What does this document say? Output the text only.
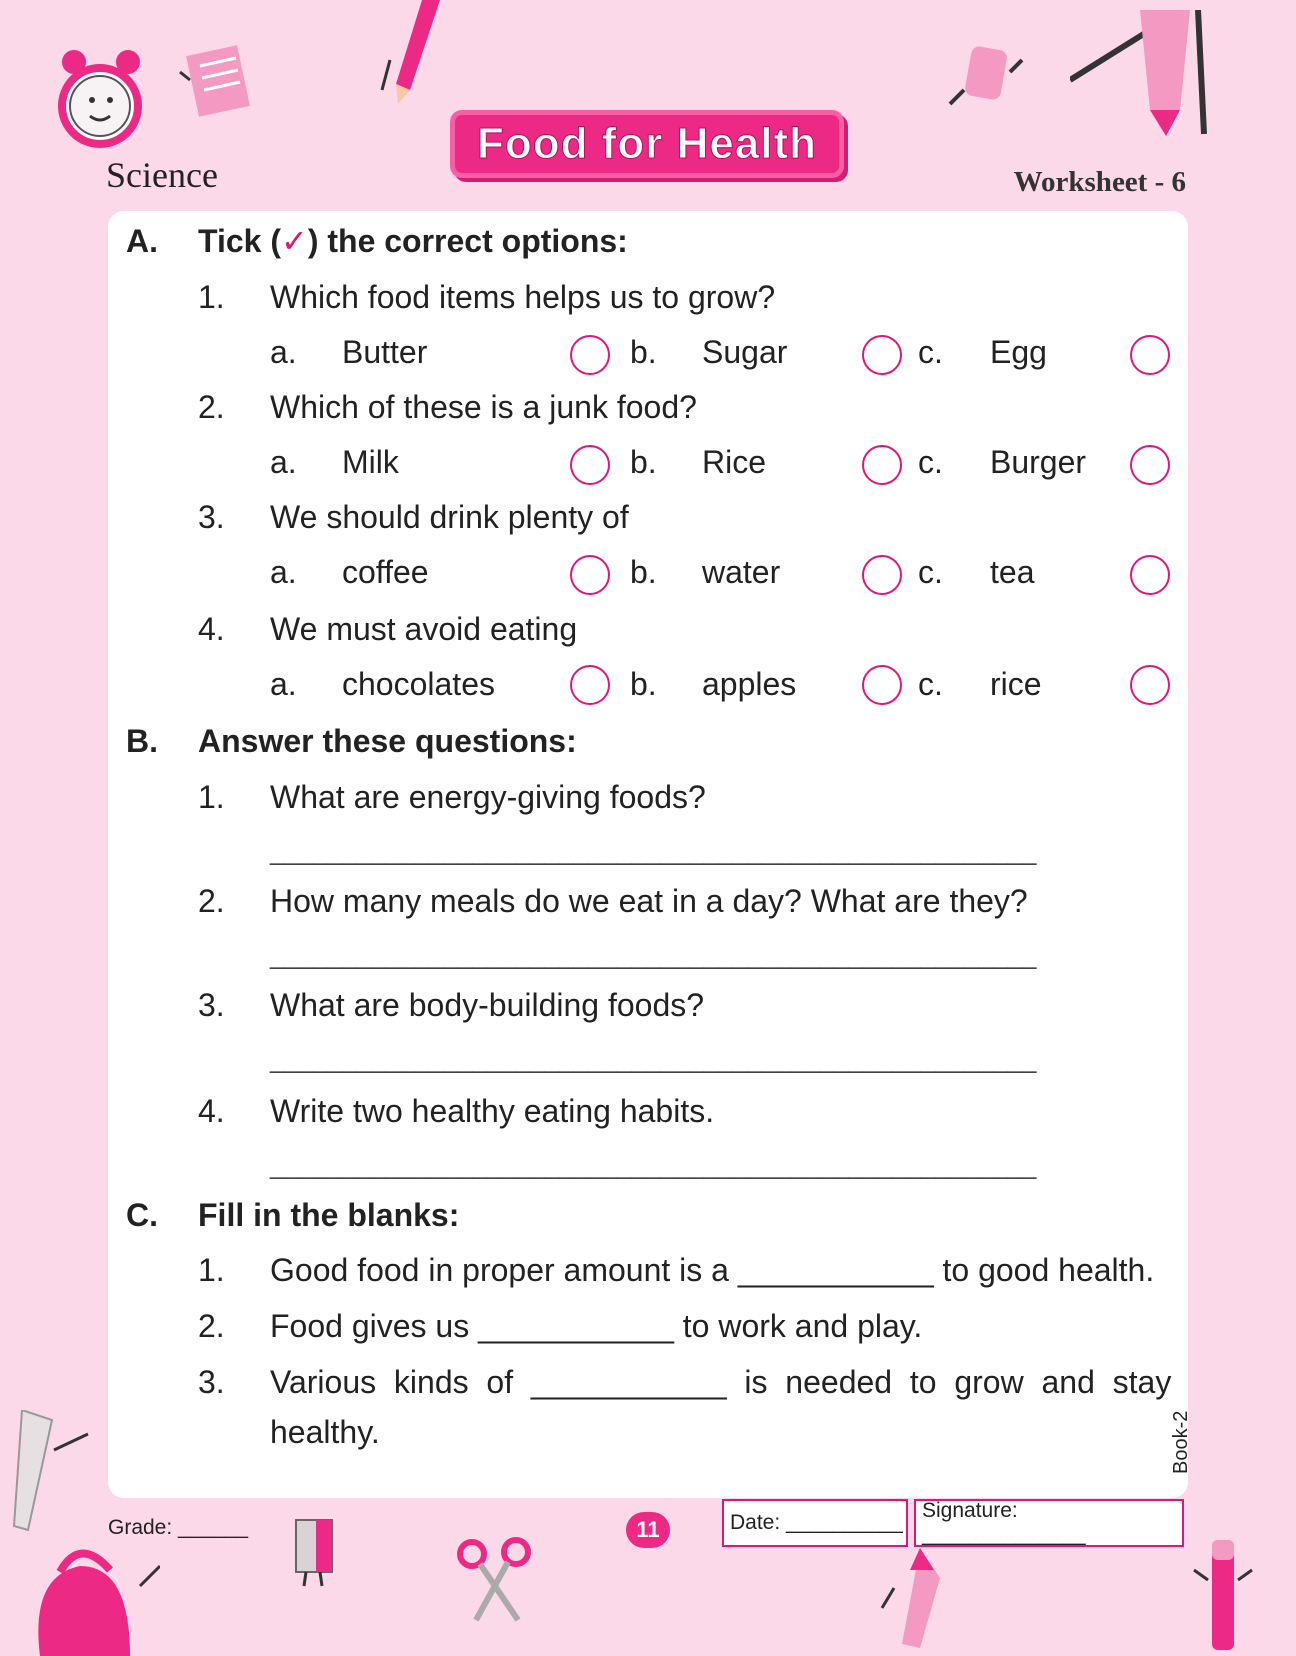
Science
Food for Health
Worksheet - 6
A. Tick (✓) the correct options:
1. Which food items helps us to grow?
a. Butter	b. Sugar	c. Egg
2. Which of these is a junk food?
a. Milk	b. Rice	c. Burger
3. We should drink plenty of
a. coffee	b. water	c. tea
4. We must avoid eating
a. chocolates	b. apples	c. rice
B. Answer these questions:
1. What are energy-giving foods?
_____________________________________________________
2. How many meals do we eat in a day? What are they?
_____________________________________________________
3. What are body-building foods?
_____________________________________________________
4. Write two healthy eating habits.
_____________________________________________________
C. Fill in the blanks:
1. Good food in proper amount is a ___________ to good health.
2. Food gives us ___________ to work and play.
3. Various  kinds  of  ___________  is  needed  to  grow  and  stay
healthy.	Book-2
Grade: ______	11	Date: __________
Signature: ______________
